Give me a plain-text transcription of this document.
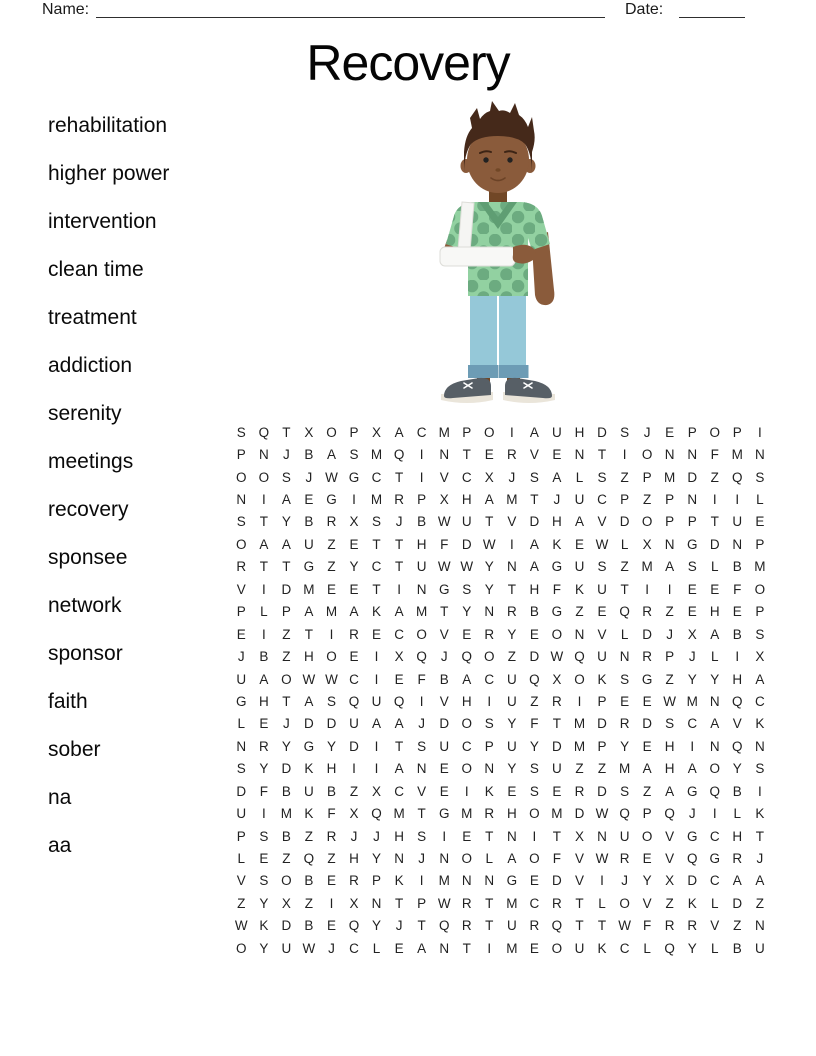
Name:	Date:
Recovery
rehabilitation
higher power
intervention
clean time
treatment
addiction
serenity
meetings
recovery
sponsee
network
sponsor
faith
sober
na
aa
S Q T	X O P	X	A C M P O	I	A U H D S	J	E	P O P	I
P N	J	B	A	S M Q	I	N	T	E R V	E N	T	I	O N N	F M N
O O S	J W G C	T	I	V C X	J	S	A	L	S	Z	P M D	Z Q S
N	I	A	E G	I	M R P	X H A M T	J	U C P	Z	P N	I	I	L
S	T	Y	B R X	S	J	B W U	T	V D H A	V D O P	P	T	U E
O A	A U	Z	E	T	T	H	F	D W	I	A	K	E W L	X N G D N P
R	T	T G Z	Y C	T	U W W Y N A G U S	Z M A	S	L	B M
V	I	D M E	E	T	I	N G S	Y	T	H	F	K U	T	I	I	E	E	F O
P	L	P	A M A	K	A M T	Y N R B G Z	E Q R	Z	E H E	P
E	I	Z	T	I	R E C O V	E R Y	E O N V	L	D	J	X	A	B	S
J	B	Z	H O E	I	X Q	J	Q O Z	D W Q U N R P	J	L	I	X
U A O W W C	I	E	F	B	A C U Q X O K	S G Z	Y	Y H A
G H	T	A	S Q U Q	I	V H	I	U	Z	R	I	P	E	E W M N Q C
L	E	J	D D U A	A	J	D O S	Y	F	T M D R D S C A	V	K
N R Y G Y D	I	T	S U C P U Y D M P	Y	E H	I	N Q N
S	Y D K H	I	I	A N E O N Y	S U	Z	Z M A H A O Y	S
D	F	B U B	Z	X C V	E	I	K	E	S	E R D S	Z	A G Q B	I
U	I	M K	F	X Q M T G M R H O M D W Q P Q	J	I	L	K
P	S	B	Z	R	J	J	H S	I	E	T	N	I	T	X N U O V G C H	T
L	E	Z Q Z	H Y N	J	N O	L	A O F	V W R E	V Q G R	J
V	S O B	E R P	K	I	M N N G E D V	I	J	Y	X D C A	A
Z	Y	X	Z	I	X N	T	P W R	T M C R	T	L	O V	Z	K	L	D	Z
W K D B	E Q Y	J	T Q R	T	U R Q T	T W F	R R V	Z	N
O Y U W J	C	L	E	A N	T	I	M E O U K C	L	Q Y	L	B U
